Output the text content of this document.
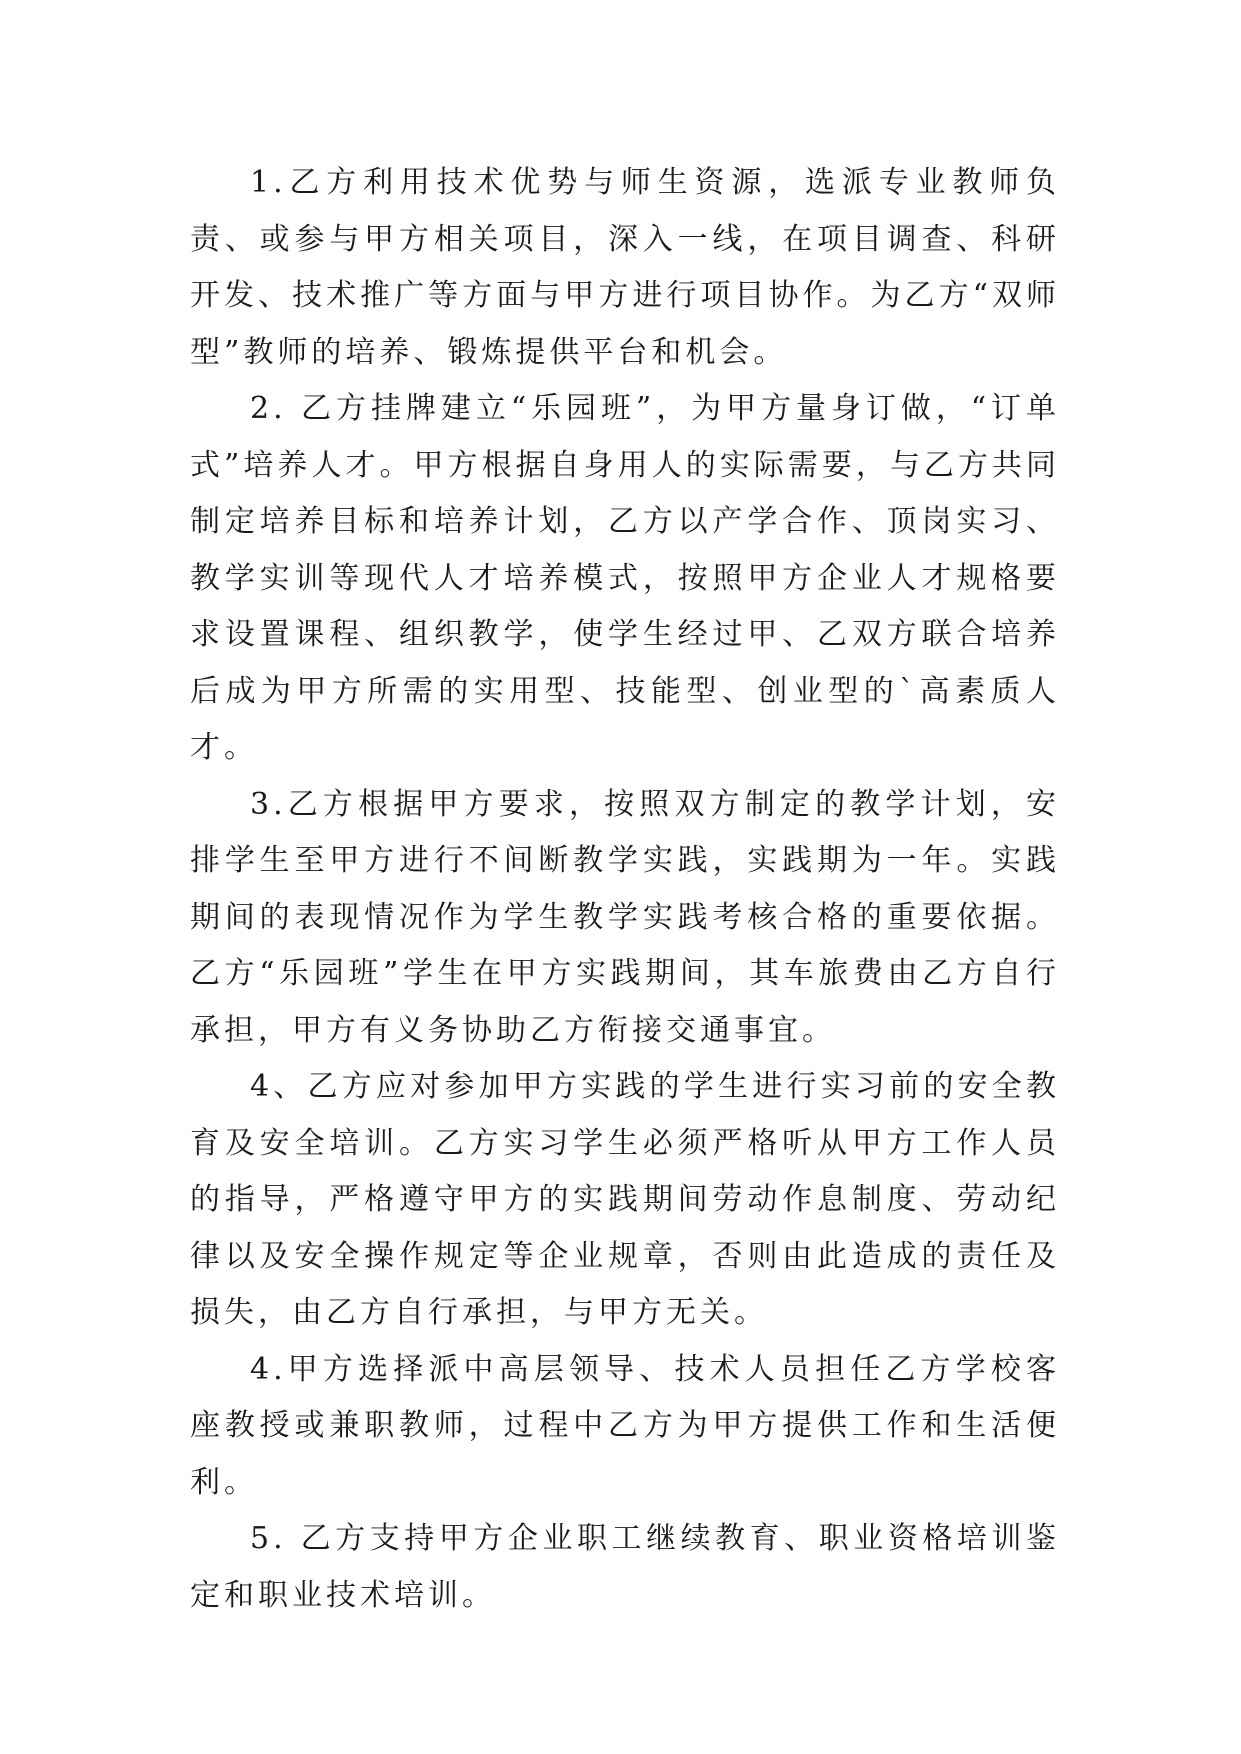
1.乙方利用技术优势与师生资源，选派专业教师负责、或参与甲方相关项目，深入一线，在项目调查、科研开发、技术推广等方面与甲方进行项目协作。为乙方“双师型”教师的培养、锻炼提供平台和机会。

2. 乙方挂牌建立“乐园班”，为甲方量身订做，“订单式”培养人才。甲方根据自身用人的实际需要，与乙方共同制定培养目标和培养计划，乙方以产学合作、顶岗实习、教学实训等现代人才培养模式，按照甲方企业人才规格要求设置课程、组织教学，使学生经过甲、乙双方联合培养后成为甲方所需的实用型、技能型、创业型的`高素质人才。

3.乙方根据甲方要求，按照双方制定的教学计划，安排学生至甲方进行不间断教学实践，实践期为一年。实践期间的表现情况作为学生教学实践考核合格的重要依据。乙方“乐园班”学生在甲方实践期间，其车旅费由乙方自行承担，甲方有义务协助乙方衔接交通事宜。

4、乙方应对参加甲方实践的学生进行实习前的安全教育及安全培训。乙方实习学生必须严格听从甲方工作人员的指导，严格遵守甲方的实践期间劳动作息制度、劳动纪律以及安全操作规定等企业规章，否则由此造成的责任及损失，由乙方自行承担，与甲方无关。

4.甲方选择派中高层领导、技术人员担任乙方学校客座教授或兼职教师，过程中乙方为甲方提供工作和生活便利。

5. 乙方支持甲方企业职工继续教育、职业资格培训鉴定和职业技术培训。
